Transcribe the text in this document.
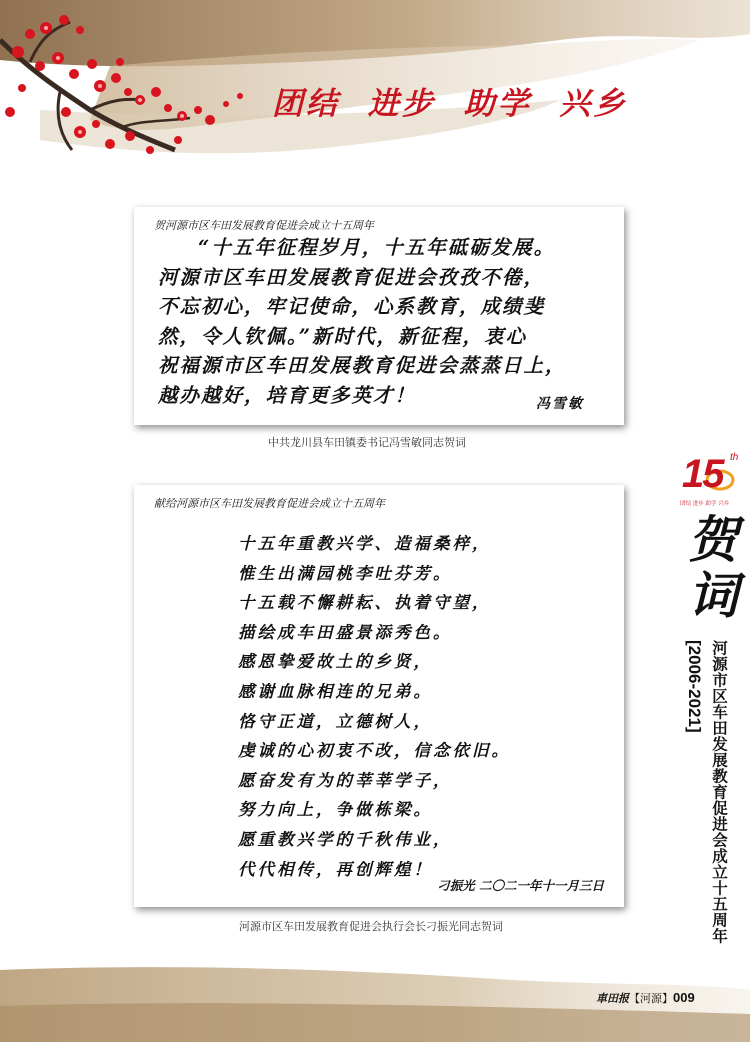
团结 进步 助学 兴乡
贺河源市区车田发展教育促进会成立十五周年
“十五年征程岁月，十五年砥砺发展。
河源市区车田发展教育促进会孜孜不倦，
不忘初心，牢记使命，心系教育，成绩斐
然，令人钦佩。”新时代，新征程，衷心
祝福源市区车田发展教育促进会蒸蒸日上，
越办越好，培育更多英才！	冯雪敏
中共龙川县车田镇委书记冯雪敏同志贺词
献给河源市区车田发展教育促进会成立十五周年
十五年重教兴学、造福桑梓，
惟生出满园桃李吐芬芳。
十五载不懈耕耘、执着守望，
描绘成车田盛景添秀色。
感恩挚爱故土的乡贤，
感谢血脉相连的兄弟。
恪守正道，立德树人，
虔诚的心初衷不改，信念依旧。
愿奋发有为的莘莘学子，
努力向上，争做栋梁。
愿重教兴学的千秋伟业，
代代相传，再创辉煌！
刁振光 二〇二一年十一月三日
河源市区车田发展教育促进会执行会长刁振光同志贺词
15 th
团结 进步 助学 兴乡
贺
词
[2006-2021] 河源市区车田发展教育促进会成立十五周年
車田报【河源】009
